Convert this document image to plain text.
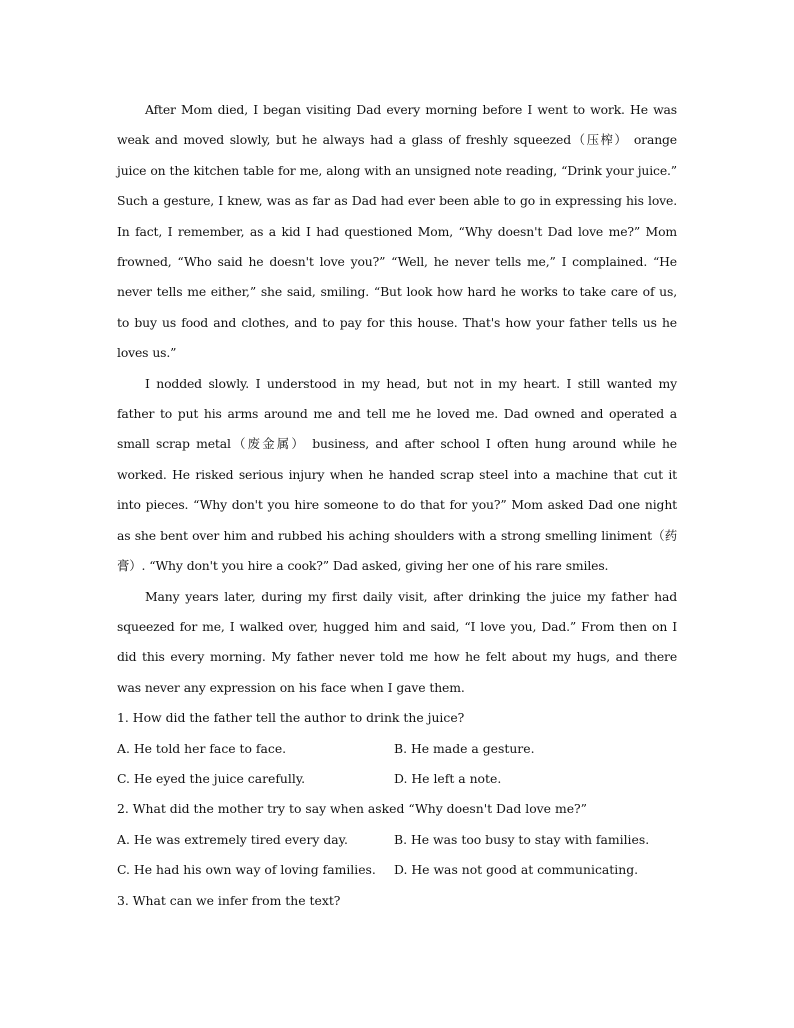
After Mom died, I began visiting Dad every morning before I went to work. He was weak and moved slowly, but he always had a glass of freshly squeezed（压榨） orange juice on the kitchen table for me, along with an unsigned note reading, “Drink your juice.” Such a gesture, I knew, was as far as Dad had ever been able to go in expressing his love. In fact, I remember, as a kid I had questioned Mom, “Why doesn't Dad love me?” Mom frowned, “Who said he doesn't love you?” “Well, he never tells me,” I complained. “He never tells me either,” she said, smiling. “But look how hard he works to take care of us, to buy us food and clothes, and to pay for this house. That's how your father tells us he loves us.”

I nodded slowly. I understood in my head, but not in my heart. I still wanted my father to put his arms around me and tell me he loved me. Dad owned and operated a small scrap metal（废金属） business, and after school I often hung around while he worked. He risked serious injury when he handed scrap steel into a machine that cut it into pieces. “Why don't you hire someone to do that for you?” Mom asked Dad one night as she bent over him and rubbed his aching shoulders with a strong smelling liniment（药膏）. “Why don't you hire a cook?” Dad asked, giving her one of his rare smiles.

Many years later, during my first daily visit, after drinking the juice my father had squeezed for me, I walked over, hugged him and said, “I love you, Dad.” From then on I did this every morning. My father never told me how he felt about my hugs, and there was never any expression on his face when I gave them.

1. How did the father tell the author to drink the juice?

A. He told her face to face.	B. He made a gesture.
C. He eyed the juice carefully.	D. He left a note.

2. What did the mother try to say when asked “Why doesn't Dad love me?”

A. He was extremely tired every day.	B. He was too busy to stay with families.
C. He had his own way of loving families.	D. He was not good at communicating.

3. What can we infer from the text?
